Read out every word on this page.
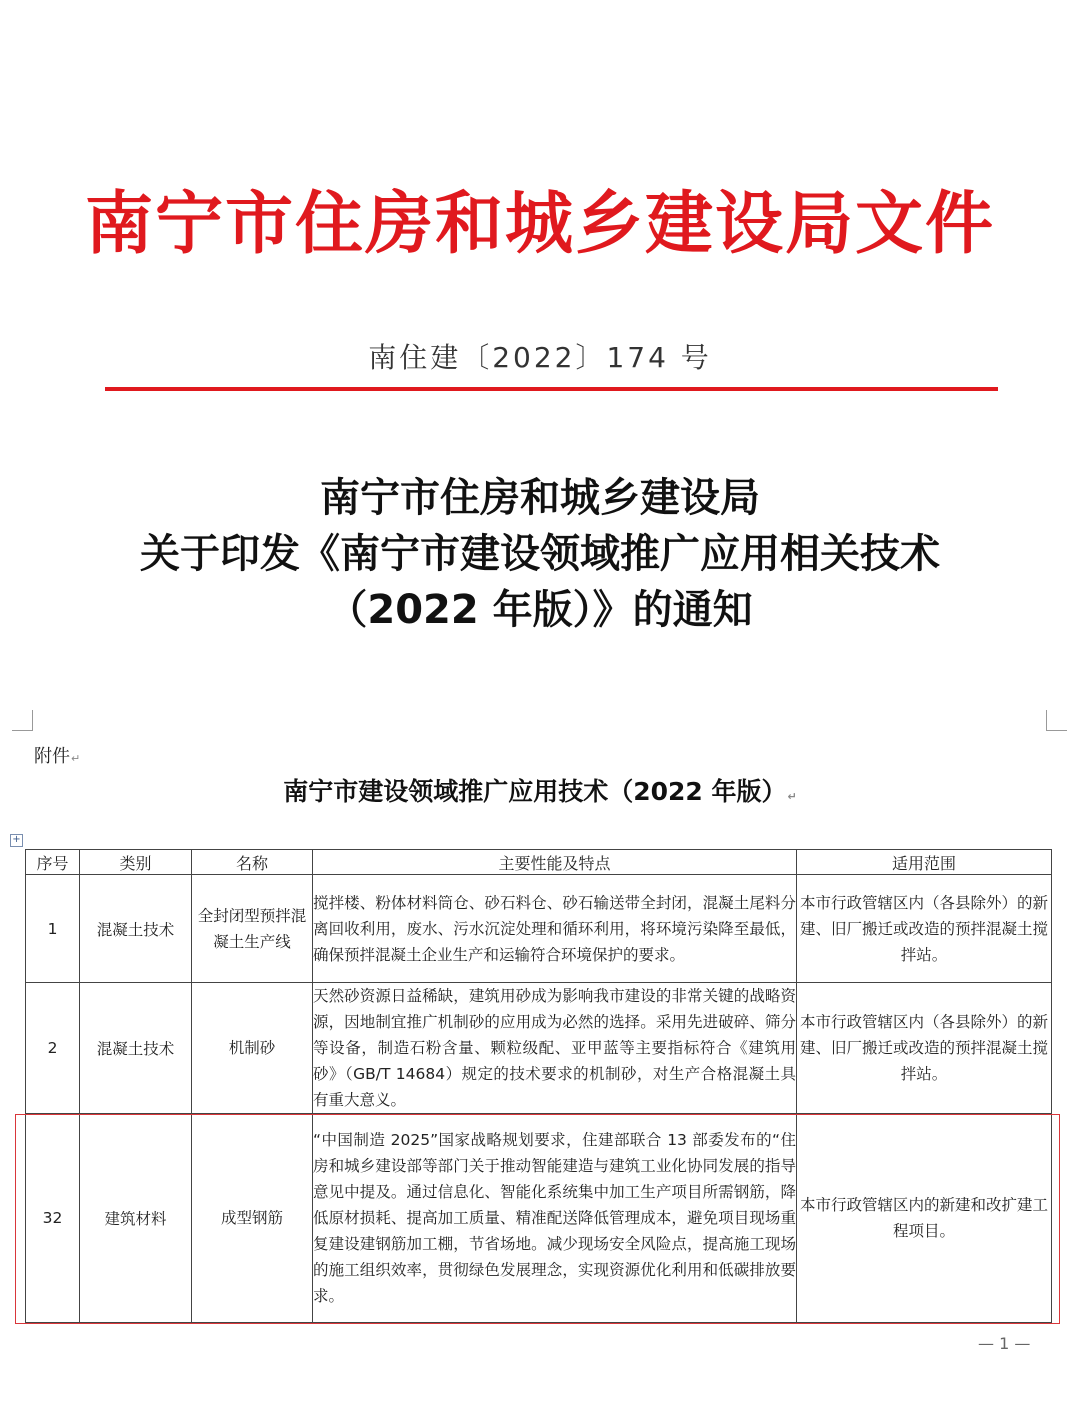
南宁市住房和城乡建设局文件
南住建〔2022〕174 号
南宁市住房和城乡建设局
关于印发《南宁市建设领域推广应用相关技术
（2022 年版）》的通知
附件↵
南宁市建设领域推广应用技术（2022 年版）↵
+
序号	类别	名称	主要性能及特点	适用范围
1	混凝土技术	全封闭型预拌混凝土生产线	搅拌楼、粉体材料筒仓、砂石料仓、砂石输送带全封闭，混凝土尾料分离回收利用，废水、污水沉淀处理和循环利用，将环境污染降至最低，确保预拌混凝土企业生产和运输符合环境保护的要求。	本市行政管辖区内（各县除外）的新建、旧厂搬迁或改造的预拌混凝土搅拌站。
2	混凝土技术	机制砂	天然砂资源日益稀缺，建筑用砂成为影响我市建设的非常关键的战略资源，因地制宜推广机制砂的应用成为必然的选择。采用先进破碎、筛分等设备，制造石粉含量、颗粒级配、亚甲蓝等主要指标符合《建筑用砂》（GB/T 14684）规定的技术要求的机制砂，对生产合格混凝土具有重大意义。	本市行政管辖区内（各县除外）的新建、旧厂搬迁或改造的预拌混凝土搅拌站。
32	建筑材料	成型钢筋	“中国制造 2025”国家战略规划要求，住建部联合 13 部委发布的“住房和城乡建设部等部门关于推动智能建造与建筑工业化协同发展的指导意见中提及。通过信息化、智能化系统集中加工生产项目所需钢筋，降低原材损耗、提高加工质量、精准配送降低管理成本，避免项目现场重复建设建钢筋加工棚，节省场地。减少现场安全风险点，提高施工现场的施工组织效率，贯彻绿色发展理念，实现资源优化利用和低碳排放要求。	本市行政管辖区内的新建和改扩建工程项目。
— 1 —
